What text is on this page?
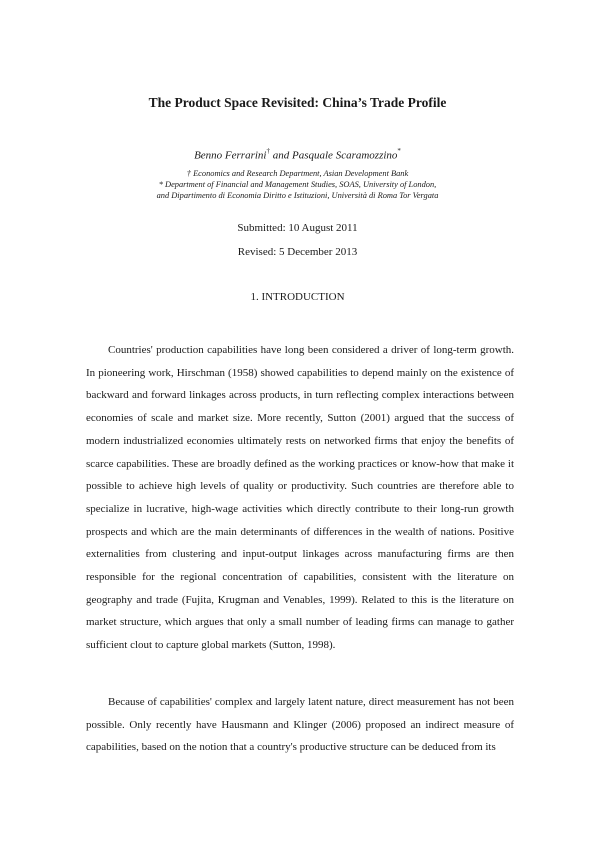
The Product Space Revisited: China’s Trade Profile
Benno Ferrarini† and Pasquale Scaramozzino*
† Economics and Research Department, Asian Development Bank
* Department of Financial and Management Studies, SOAS, University of London,
and Dipartimento di Economia Diritto e Istituzioni, Università di Roma Tor Vergata
Submitted: 10 August 2011
Revised: 5 December 2013
1. INTRODUCTION

Countries' production capabilities have long been considered a driver of long-term growth. In pioneering work, Hirschman (1958) showed capabilities to depend mainly on the existence of backward and forward linkages across products, in turn reflecting complex interactions between economies of scale and market size. More recently, Sutton (2001) argued that the success of modern industrialized economies ultimately rests on networked firms that enjoy the benefits of scarce capabilities. These are broadly defined as the working practices or know-how that make it possible to achieve high levels of quality or productivity. Such countries are therefore able to specialize in lucrative, high-wage activities which directly contribute to their long-run growth prospects and which are the main determinants of differences in the wealth of nations. Positive externalities from clustering and input-output linkages across manufacturing firms are then responsible for the regional concentration of capabilities, consistent with the literature on geography and trade (Fujita, Krugman and Venables, 1999). Related to this is the literature on market structure, which argues that only a small number of leading firms can manage to gather sufficient clout to capture global markets (Sutton, 1998).

Because of capabilities' complex and largely latent nature, direct measurement has not been possible. Only recently have Hausmann and Klinger (2006) proposed an indirect measure of capabilities, based on the notion that a country's productive structure can be deduced from its
